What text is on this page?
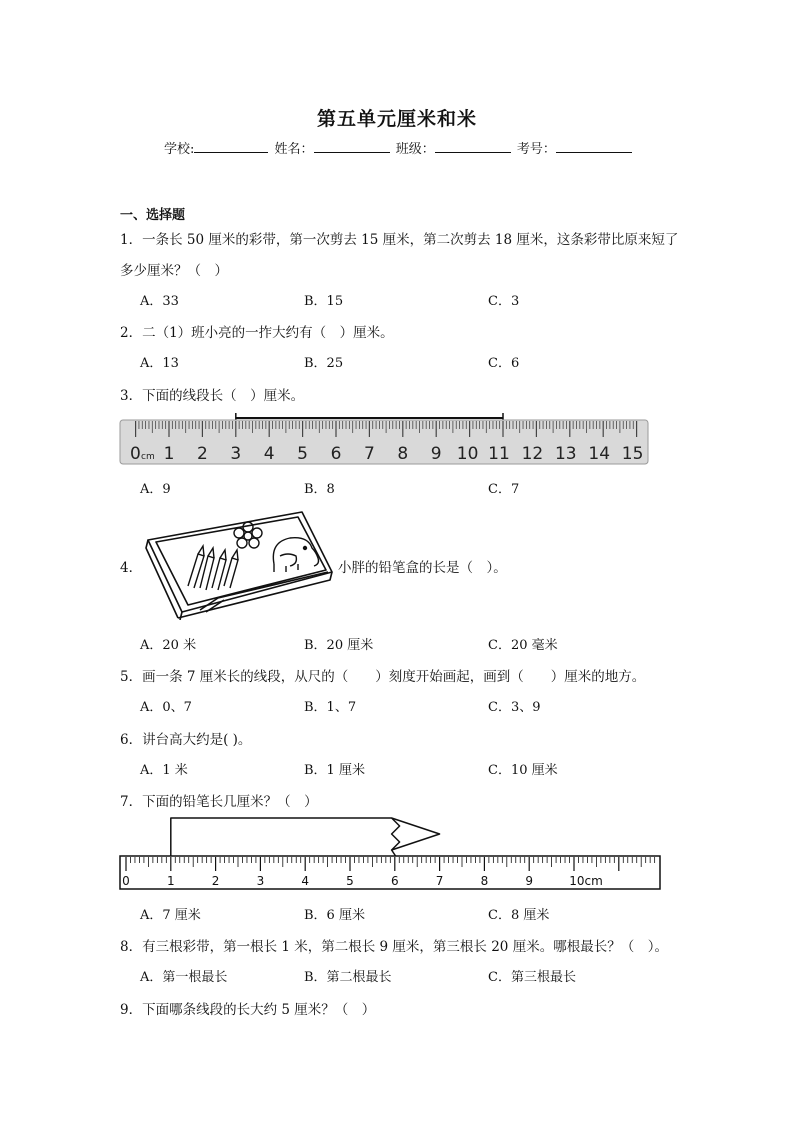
第五单元厘米和米
学校:	姓名：	班级：	考号：
一、选择题
1．一条长 50 厘米的彩带，第一次剪去 15 厘米，第二次剪去 18 厘米，这条彩带比原来短了
多少厘米？（　）
A．33	B．15	C．3
2．二（1）班小亮的一拃大约有（　）厘米。
A．13	B．25	C．6
3．下面的线段长（　）厘米。
0 cm 1 2 3 4 5 6 7 8 9 10 11 12 13 14 15
A．9	B．8	C．7
4．	小胖的铅笔盒的长是（　）。
A．20 米	B．20 厘米	C．20 毫米
5．画一条 7 厘米长的线段，从尺的（　　）刻度开始画起，画到（　　）厘米的地方。
A．0、7	B．1、7	C．3、9
6．讲台高大约是( )。
A．1 米	B．1 厘米	C．10 厘米
7．下面的铅笔长几厘米？（　）
0	1	2	3	4	5	6	7	8	9	10cm
A．7 厘米	B．6 厘米	C．8 厘米
8．有三根彩带，第一根长 1 米，第二根长 9 厘米，第三根长 20 厘米。哪根最长？（　）。
A．第一根最长	B．第二根最长	C．第三根最长
9．下面哪条线段的长大约 5 厘米？（　）
